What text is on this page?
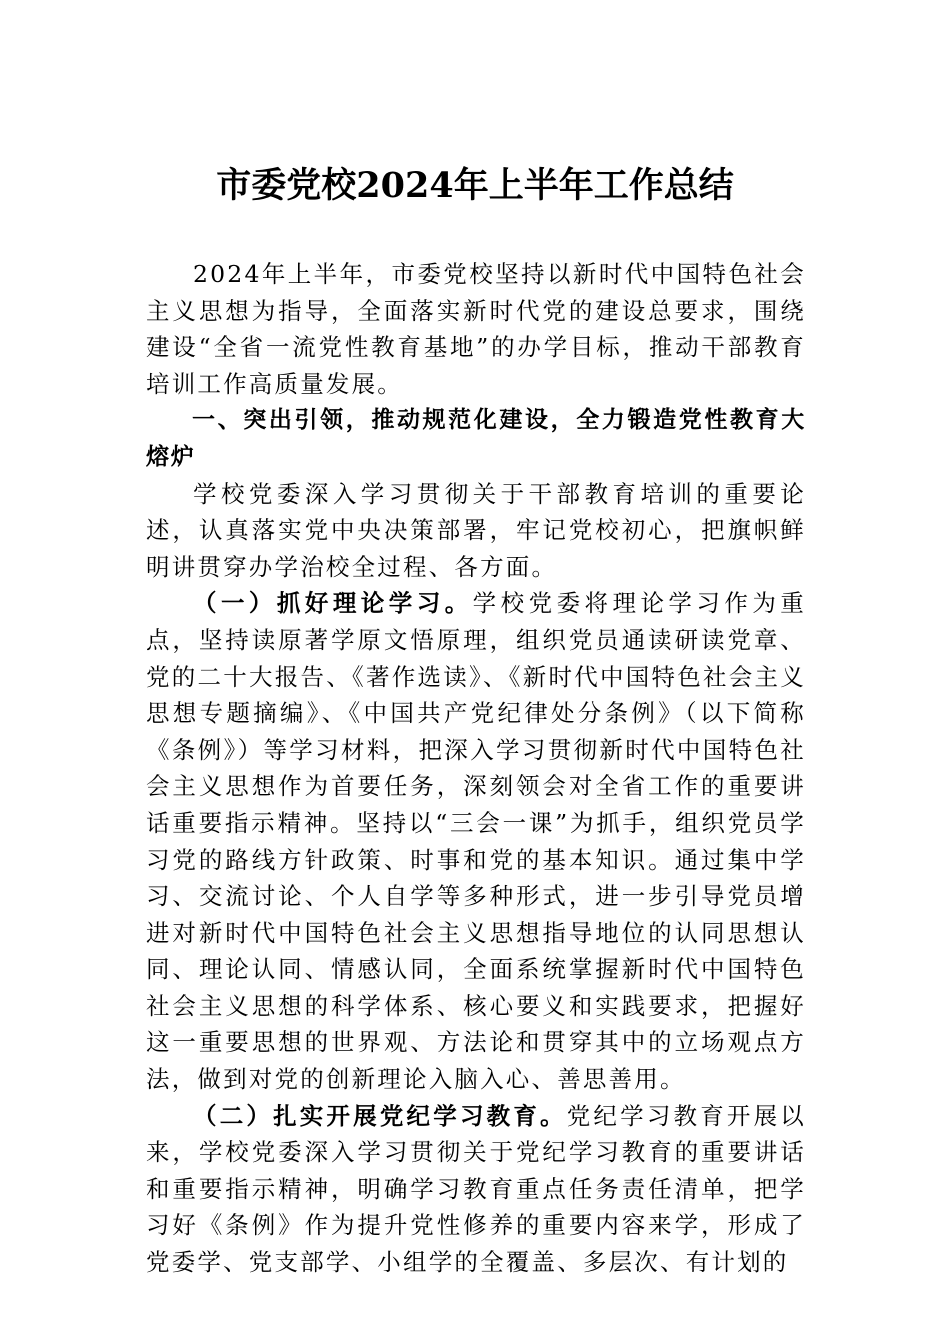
市委党校2024年上半年工作总结

2024年上半年，市委党校坚持以新时代中国特色社会主义思想为指导，全面落实新时代党的建设总要求，围绕建设“全省一流党性教育基地”的办学目标，推动干部教育培训工作高质量发展。

一、突出引领，推动规范化建设，全力锻造党性教育大熔炉

学校党委深入学习贯彻关于干部教育培训的重要论述，认真落实党中央决策部署，牢记党校初心，把旗帜鲜明讲贯穿办学治校全过程、各方面。

（一）抓好理论学习。学校党委将理论学习作为重点，坚持读原著学原文悟原理，组织党员通读研读党章、党的二十大报告、《著作选读》、《新时代中国特色社会主义思想专题摘编》、《中国共产党纪律处分条例》（以下简称《条例》）等学习材料，把深入学习贯彻新时代中国特色社会主义思想作为首要任务，深刻领会对全省工作的重要讲话重要指示精神。坚持以“三会一课”为抓手，组织党员学习党的路线方针政策、时事和党的基本知识。通过集中学习、交流讨论、个人自学等多种形式，进一步引导党员增进对新时代中国特色社会主义思想指导地位的认同思想认同、理论认同、情感认同，全面系统掌握新时代中国特色社会主义思想的科学体系、核心要义和实践要求，把握好这一重要思想的世界观、方法论和贯穿其中的立场观点方法，做到对党的创新理论入脑入心、善思善用。

（二）扎实开展党纪学习教育。党纪学习教育开展以来，学校党委深入学习贯彻关于党纪学习教育的重要讲话和重要指示精神，明确学习教育重点任务责任清单，把学习好《条例》作为提升党性修养的重要内容来学，形成了党委学、党支部学、小组学的全覆盖、多层次、有计划的
